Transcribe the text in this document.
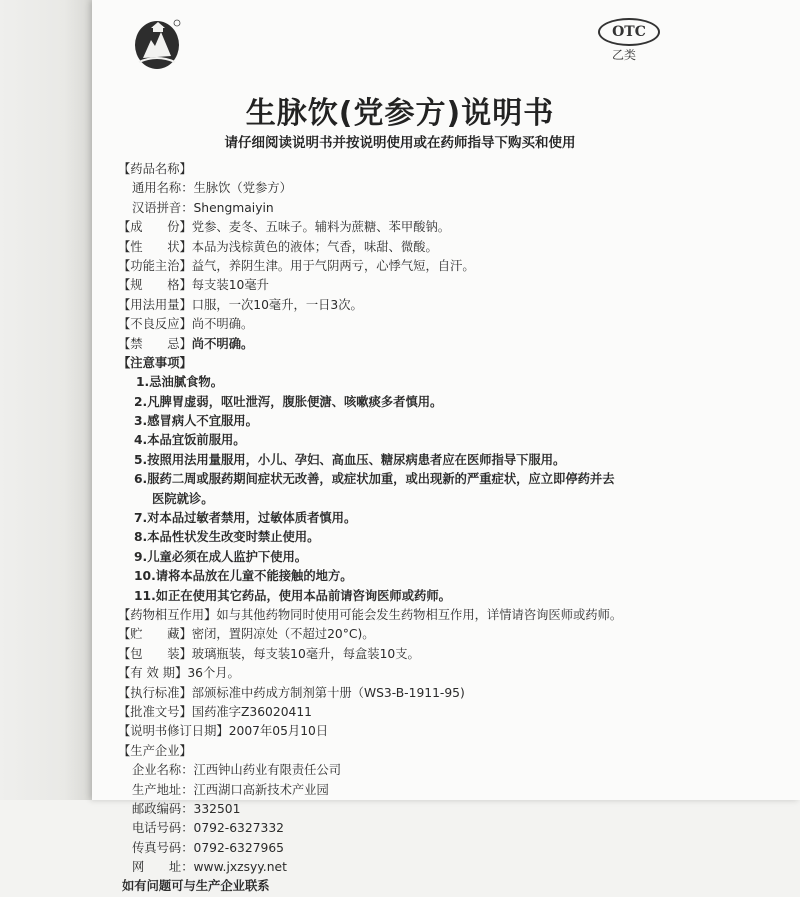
OTC
乙类
生脉饮(党参方)说明书
请仔细阅读说明书并按说明使用或在药师指导下购买和使用
【药品名称】
通用名称：生脉饮（党参方）
汉语拼音：Shengmaiyin
【成　　份】党参、麦冬、五味子。辅料为蔗糖、苯甲酸钠。
【性　　状】本品为浅棕黄色的液体；气香，味甜、微酸。
【功能主治】益气，养阴生津。用于气阴两亏，心悸气短，自汗。
【规　　格】每支装10毫升
【用法用量】口服，一次10毫升，一日3次。
【不良反应】尚不明确。
【禁　　忌】尚不明确。
【注意事项】
1.忌油腻食物。
2.凡脾胃虚弱，呕吐泄泻，腹胀便溏、咳嗽痰多者慎用。
3.感冒病人不宜服用。
4.本品宜饭前服用。
5.按照用法用量服用，小儿、孕妇、高血压、糖尿病患者应在医师指导下服用。
6.服药二周或服药期间症状无改善，或症状加重，或出现新的严重症状，应立即停药并去
医院就诊。
7.对本品过敏者禁用，过敏体质者慎用。
8.本品性状发生改变时禁止使用。
9.儿童必须在成人监护下使用。
10.请将本品放在儿童不能接触的地方。
11.如正在使用其它药品，使用本品前请咨询医师或药师。
【药物相互作用】如与其他药物同时使用可能会发生药物相互作用，详情请咨询医师或药师。
【贮　　藏】密闭，置阴凉处（不超过20°C)。
【包　　装】玻璃瓶装，每支装10毫升，每盒装10支。
【有 效 期】36个月。
【执行标准】部颁标准中药成方制剂第十册（WS3-B-1911-95)
【批准文号】国药准字Z36020411
【说明书修订日期】2007年05月10日
【生产企业】
企业名称：江西钟山药业有限责任公司
生产地址：江西湖口高新技术产业园
邮政编码：332501
电话号码：0792-6327332
传真号码：0792-6327965
网　　址：www.jxzsyy.net
如有问题可与生产企业联系
